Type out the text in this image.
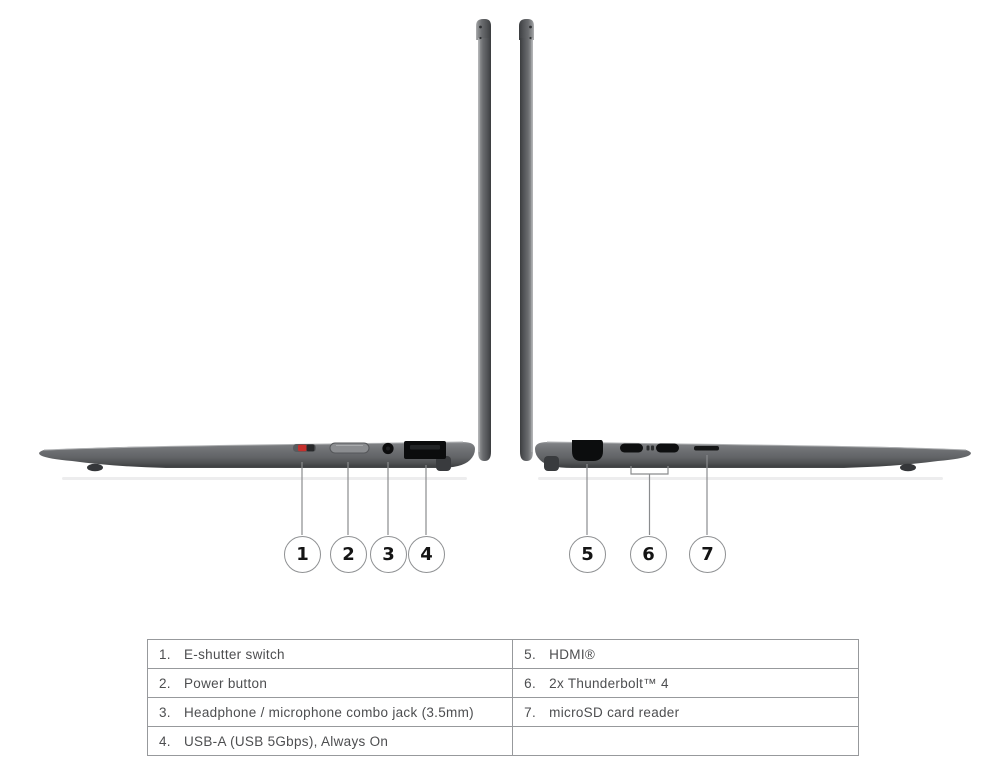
1	2	3	4	5	6	7
1. E-shutter switch	5. HDMI®
2. Power button	6. 2x Thunderbolt™ 4
3. Headphone / microphone combo jack (3.5mm)	7. microSD card reader
4. USB-A (USB 5Gbps), Always On	
